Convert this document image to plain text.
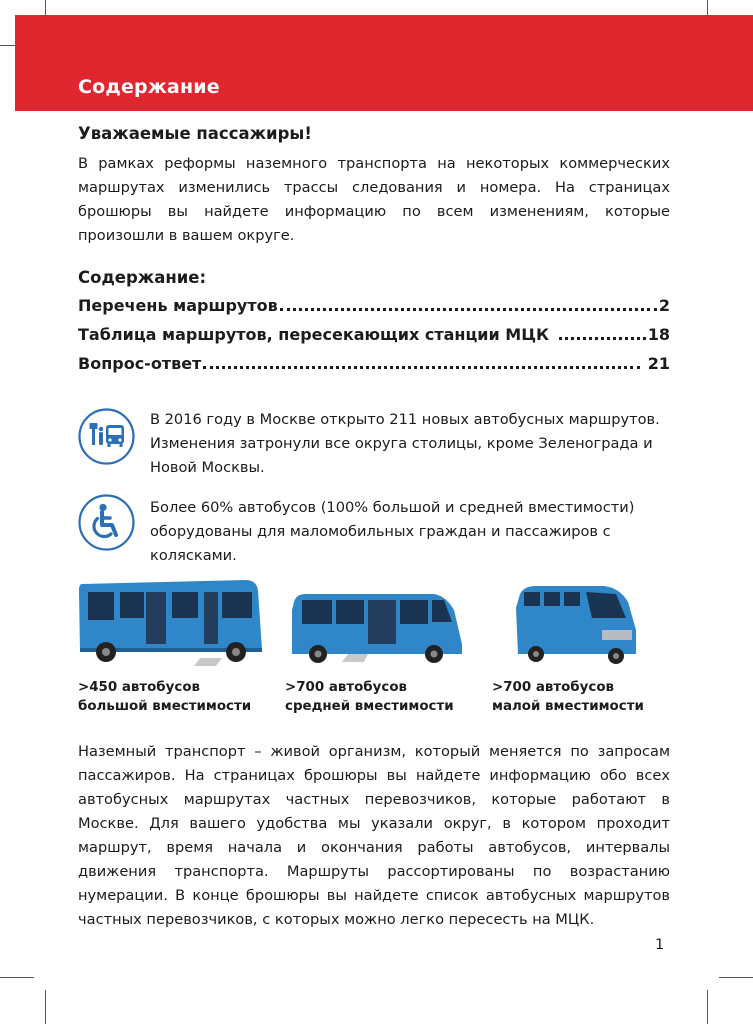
Содержание
Уважаемые пассажиры!

В рамках реформы наземного транспорта на некоторых коммерческих маршрутах изменились трассы следования и номера. На страницах брошюры вы найдете информацию по всем изменениям, которые произошли в вашем округе.

Содержание:
Перечень маршрутов	2
Таблица маршрутов, пересекающих станции МЦК	18
Вопрос-ответ	21

В 2016 году в Москве открыто 211 новых автобусных маршрутов. Изменения затронули все округа столицы, кроме Зеленограда и Новой Москвы.

Более 60% автобусов (100% большой и средней вместимости) оборудованы для маломобильных граждан и пассажиров с колясками.

>450 автобусов
большой вместимости

>700 автобусов
средней вместимости

>700 автобусов
малой вместимости

Наземный транспорт – живой организм, который меняется по запросам пассажиров. На страницах брошюры вы найдете информацию обо всех автобусных маршрутах частных перевозчиков, которые работают в Москве. Для вашего удобства мы указали округ, в котором проходит маршрут, время начала и окончания работы автобусов, интервалы движения транспорта. Маршруты рассортированы по возрастанию нумерации. В конце брошюры вы найдете список автобусных маршрутов частных перевозчиков, с которых можно легко пересесть на МЦК.

1
